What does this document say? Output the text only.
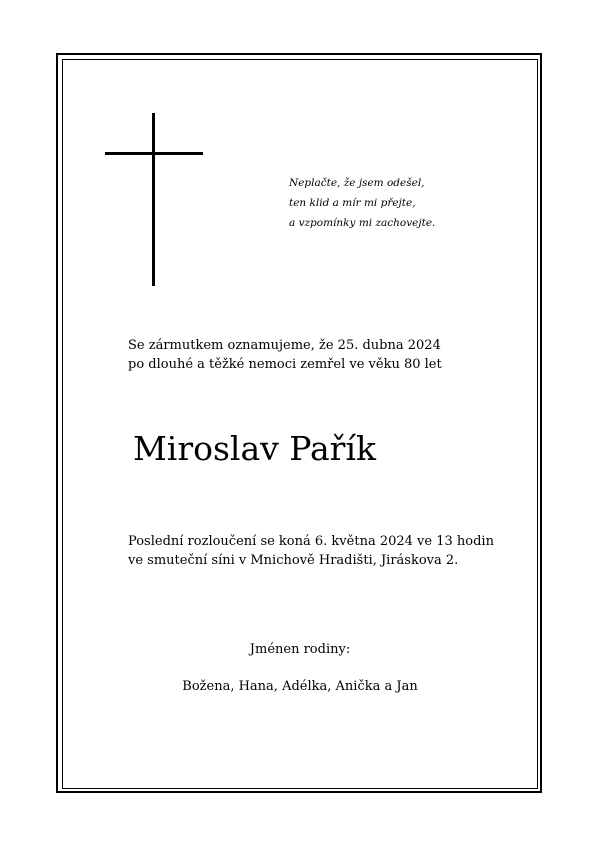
Neplačte, že jsem odešel,
ten klid a mír mi přejte,
a vzpomínky mi zachovejte.
Se zármutkem oznamujeme, že 25. dubna 2024
po dlouhé a těžké nemoci zemřel ve věku 80 let
Miroslav Pařík
Poslední rozloučení se koná 6. května 2024 ve 13 hodin
ve smuteční síni v Mnichově Hradišti, Jiráskova 2.
Jménen rodiny:
Božena, Hana, Adélka, Anička a Jan
